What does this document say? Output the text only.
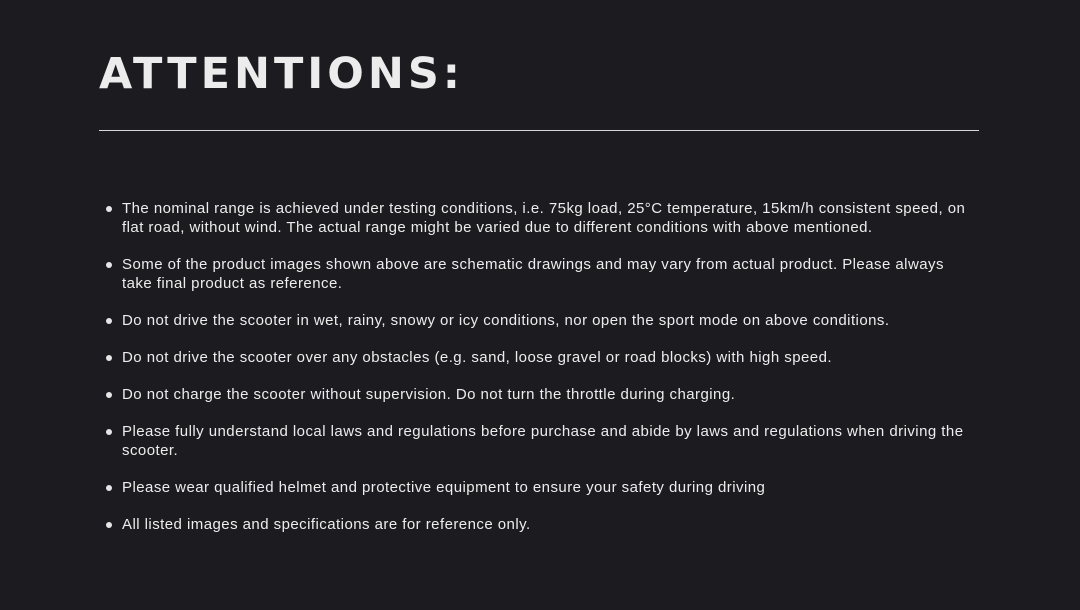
ATTENTIONS:
The nominal range is achieved under testing conditions, i.e. 75kg load, 25°C temperature, 15km/h consistent speed, on flat road, without wind. The actual range might be varied due to different conditions with above mentioned.
Some of the product images shown above are schematic drawings and may vary from actual product. Please always take final product as reference.
Do not drive the scooter in wet, rainy, snowy or icy conditions, nor open the sport mode on above conditions.
Do not drive the scooter over any obstacles (e.g. sand, loose gravel or road blocks) with high speed.
Do not charge the scooter without supervision. Do not turn the throttle during charging.
Please fully understand local laws and regulations before purchase and abide by laws and regulations when driving the scooter.
Please wear qualified helmet and protective equipment to ensure your safety during driving
All listed images and specifications are for reference only.
